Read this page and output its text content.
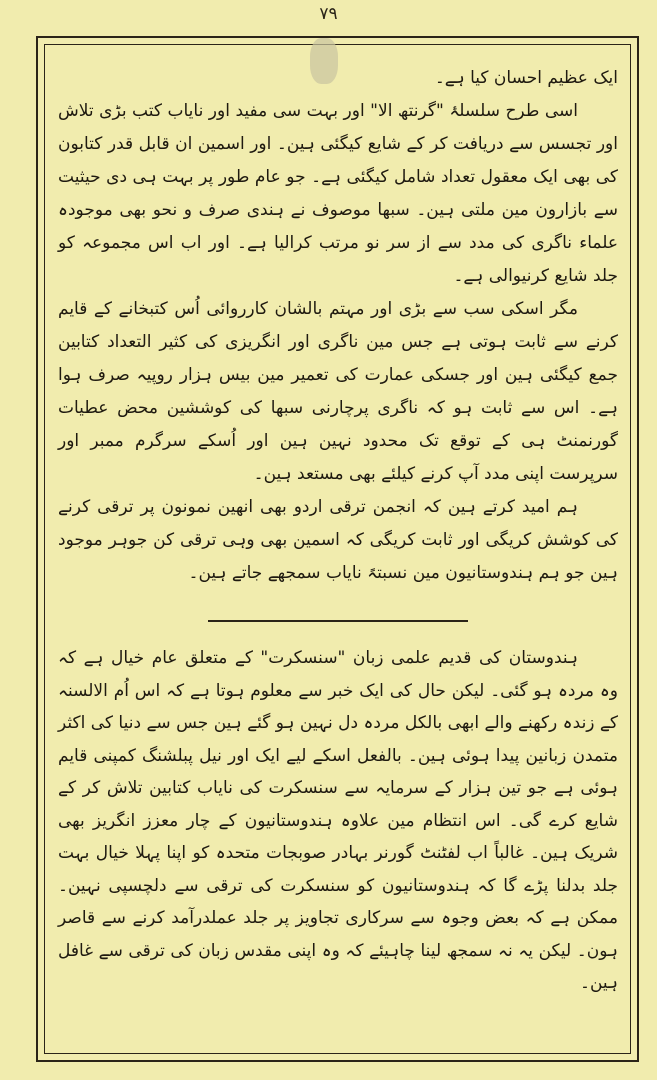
٧٩

ایک عظیم احسان کیا ہے۔

اسی طرح سلسلۂ "گرنتھ الا" اور بہت سی مفید اور نایاب کتب بڑی تلاش اور تجسس سے دریافت کر کے شایع کیگئی ہین۔ اور اسمین ان قابل قدر کتابون کی بھی ایک معقول تعداد شامل کیگئی ہے۔ جو عام طور پر بہت ہی دی حیثیت سے بازارون مین ملتی ہین۔ سبھا موصوف نے ہندی صرف و نحو بھی موجودہ علماء ناگری کی مدد سے از سر نو مرتب کرالیا ہے۔ اور اب اس مجموعہ کو جلد شایع کرنیوالی ہے۔

مگر اسکی سب سے بڑی اور مہتم بالشان کارروائی اُس کتبخانے کے قایم کرنے سے ثابت ہوتی ہے جس مین ناگری اور انگریزی کی کثیر التعداد کتابین جمع کیگئی ہین اور جسکی عمارت کی تعمیر مین بیس ہزار روپیہ صرف ہوا ہے۔ اس سے ثابت ہو کہ ناگری پرچارنی سبھا کی کوششین محض عطیات گورنمنٹ ہی کے توقع تک محدود نہین ہین اور اُسکے سرگرم ممبر اور سرپرست اپنی مدد آپ کرنے کیلئے بھی مستعد ہین۔

ہم امید کرتے ہین کہ انجمن ترقی اردو بھی انھین نمونون پر ترقی کرنے کی کوشش کریگی اور ثابت کریگی کہ اسمین بھی وہی ترقی کن جوہر موجود ہین جو ہم ہندوستانیون مین نسبتہً نایاب سمجھے جاتے ہین۔

ہندوستان کی قدیم علمی زبان "سنسکرت" کے متعلق عام خیال ہے کہ وہ مردہ ہو گئی۔ لیکن حال کی ایک خبر سے معلوم ہوتا ہے کہ اس اُم الالسنہ کے زندہ رکھنے والے ابھی بالکل مردہ دل نہین ہو گئے ہین جس سے دنیا کی اکثر متمدن زبانین پیدا ہوئی ہین۔ بالفعل اسکے لیے ایک اور نیل پبلشنگ کمپنی قایم ہوئی ہے جو تین ہزار کے سرمایہ سے سنسکرت کی نایاب کتابین تلاش کر کے شایع کرے گی۔ اس انتظام مین علاوہ ہندوستانیون کے چار معزز انگریز بھی شریک ہین۔ غالباً اب لفٹنٹ گورنر بہادر صوبجات متحدہ کو اپنا پہلا خیال بہت جلد بدلنا پڑے گا کہ ہندوستانیون کو سنسکرت کی ترقی سے دلچسپی نہین۔ ممکن ہے کہ بعض وجوہ سے سرکاری تجاویز پر جلد عملدرآمد کرنے سے قاصر ہون۔ لیکن یہ نہ سمجھ لینا چاہیئے کہ وہ اپنی مقدس زبان کی ترقی سے غافل ہین۔
